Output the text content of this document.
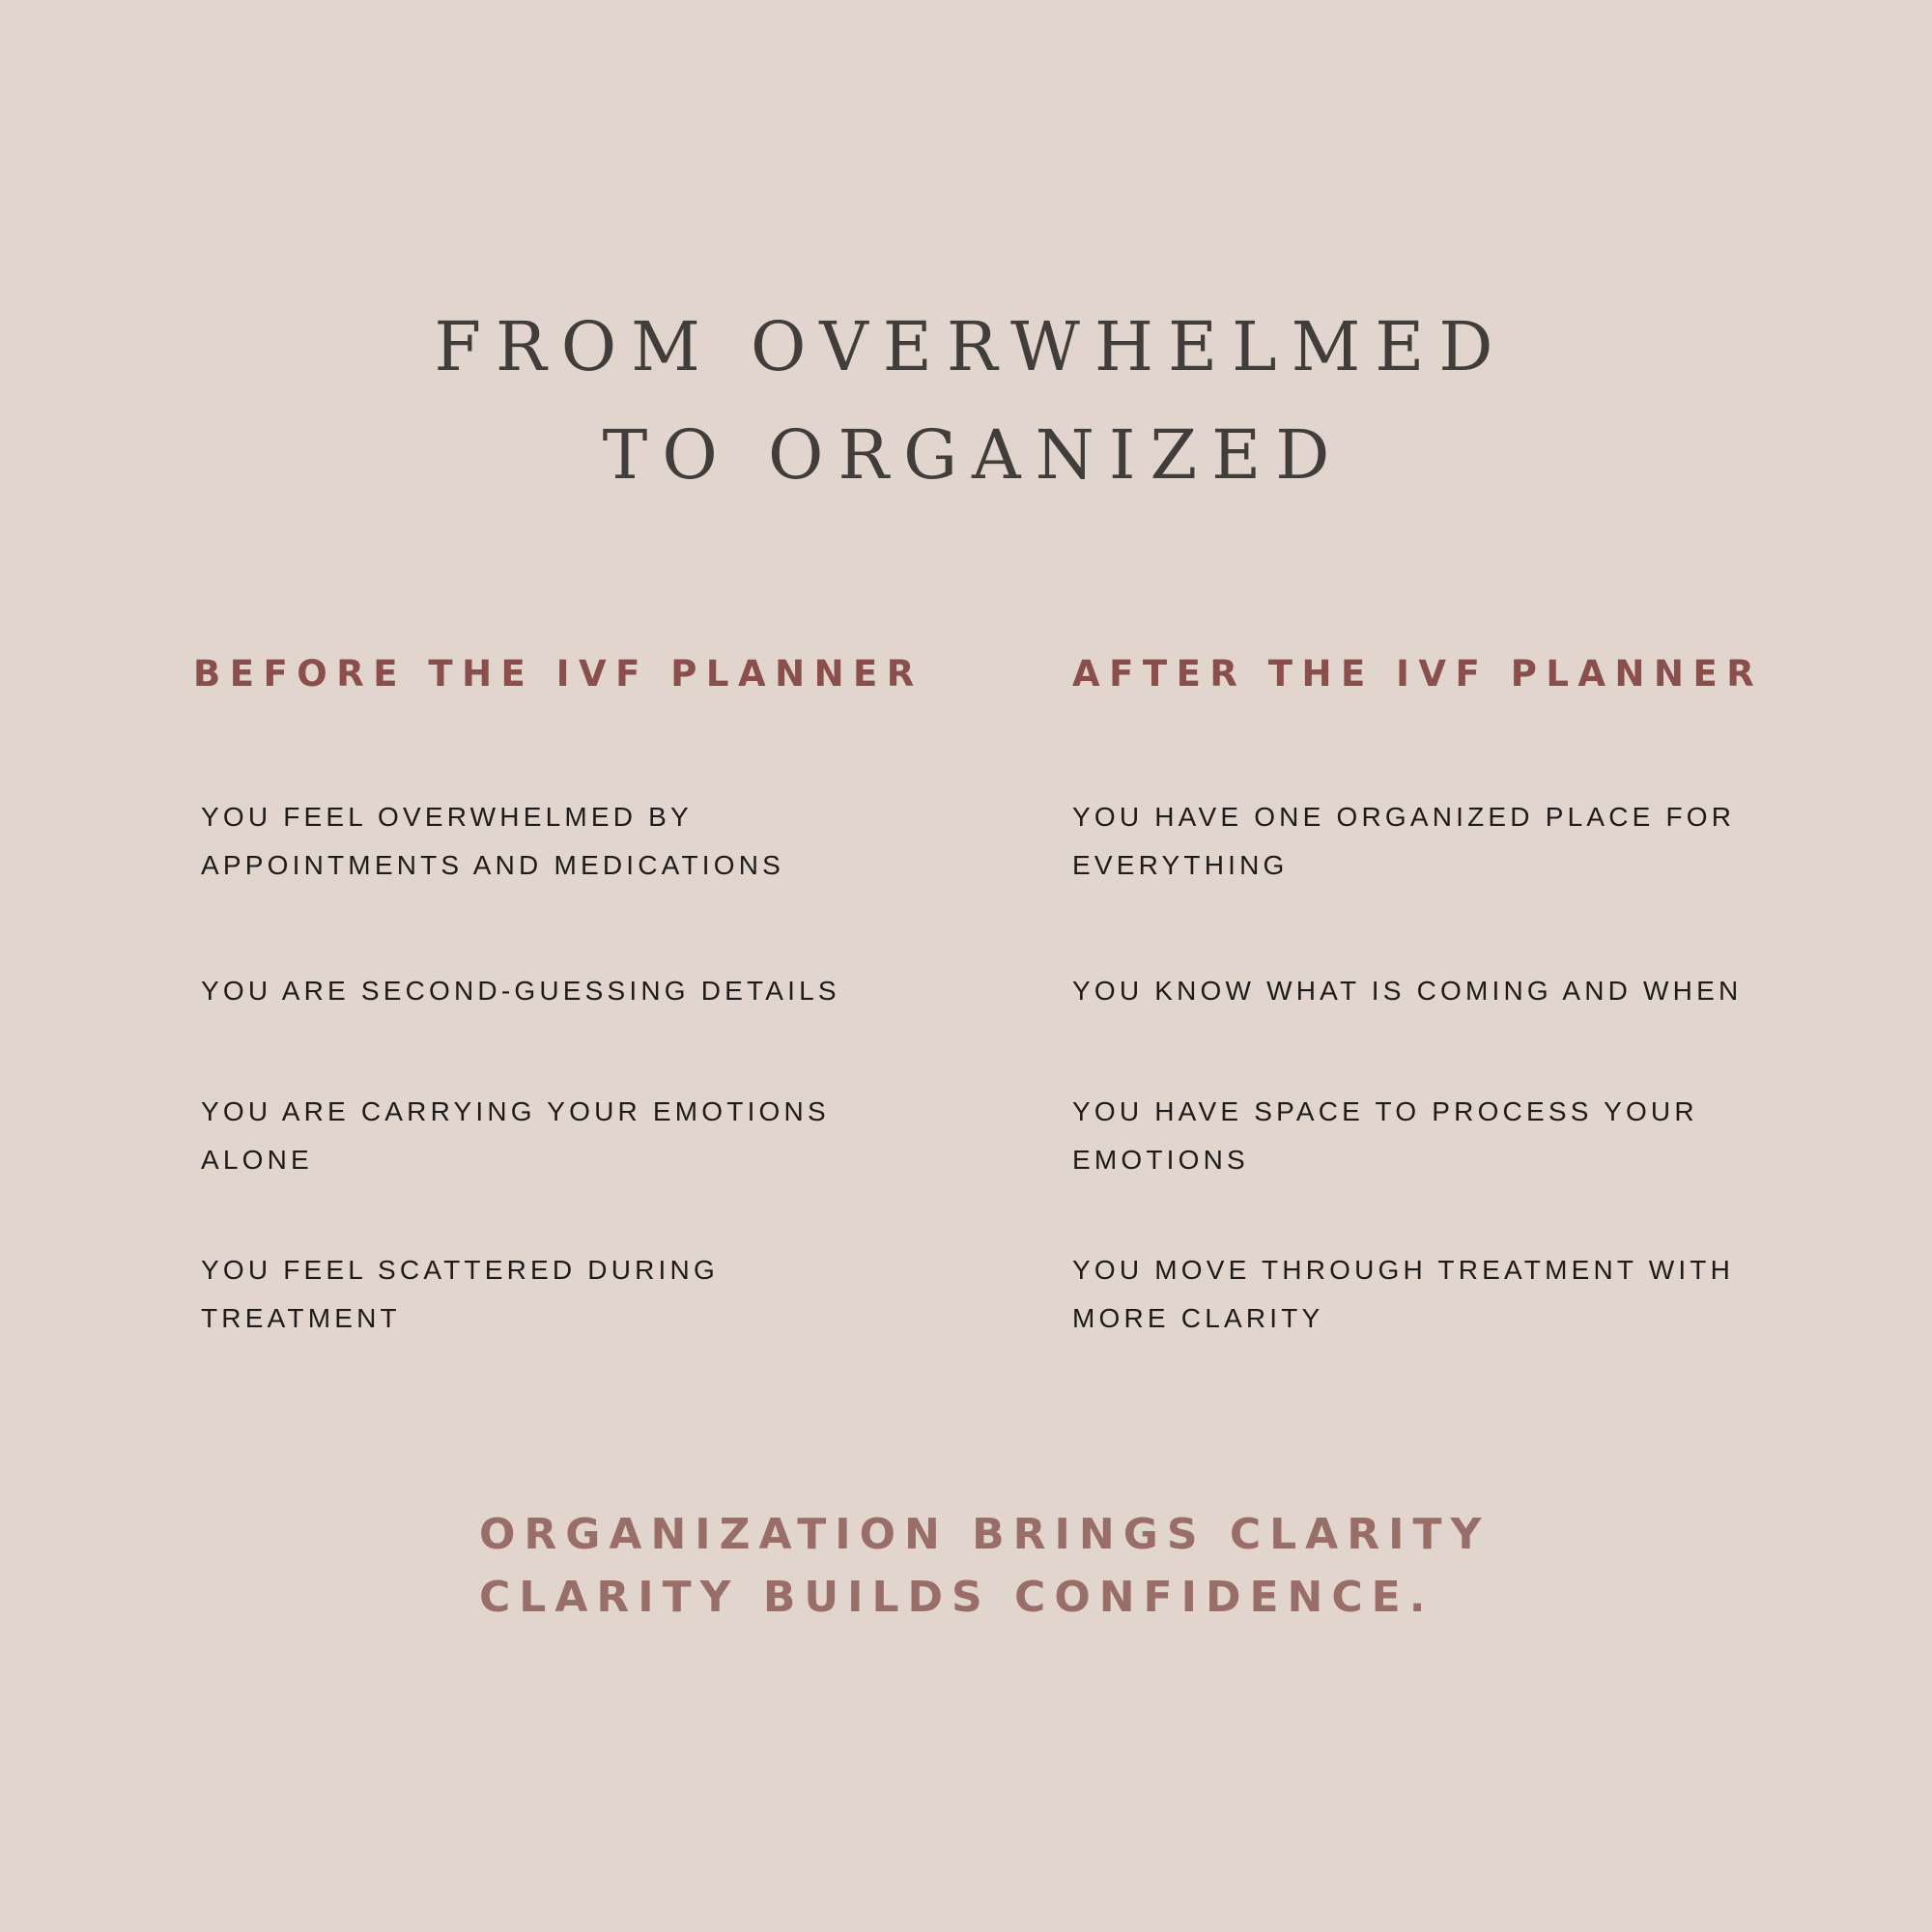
FROM OVERWHELMED
TO ORGANIZED
BEFORE THE IVF PLANNER	AFTER THE IVF PLANNER
YOU FEEL OVERWHELMED BY
APPOINTMENTS AND MEDICATIONS
YOU ARE SECOND-GUESSING DETAILS
YOU ARE CARRYING YOUR EMOTIONS
ALONE
YOU FEEL SCATTERED DURING
TREATMENT
YOU HAVE ONE ORGANIZED PLACE FOR
EVERYTHING
YOU KNOW WHAT IS COMING AND WHEN
YOU HAVE SPACE TO PROCESS YOUR
EMOTIONS
YOU MOVE THROUGH TREATMENT WITH
MORE CLARITY
ORGANIZATION BRINGS CLARITY
CLARITY BUILDS CONFIDENCE.
